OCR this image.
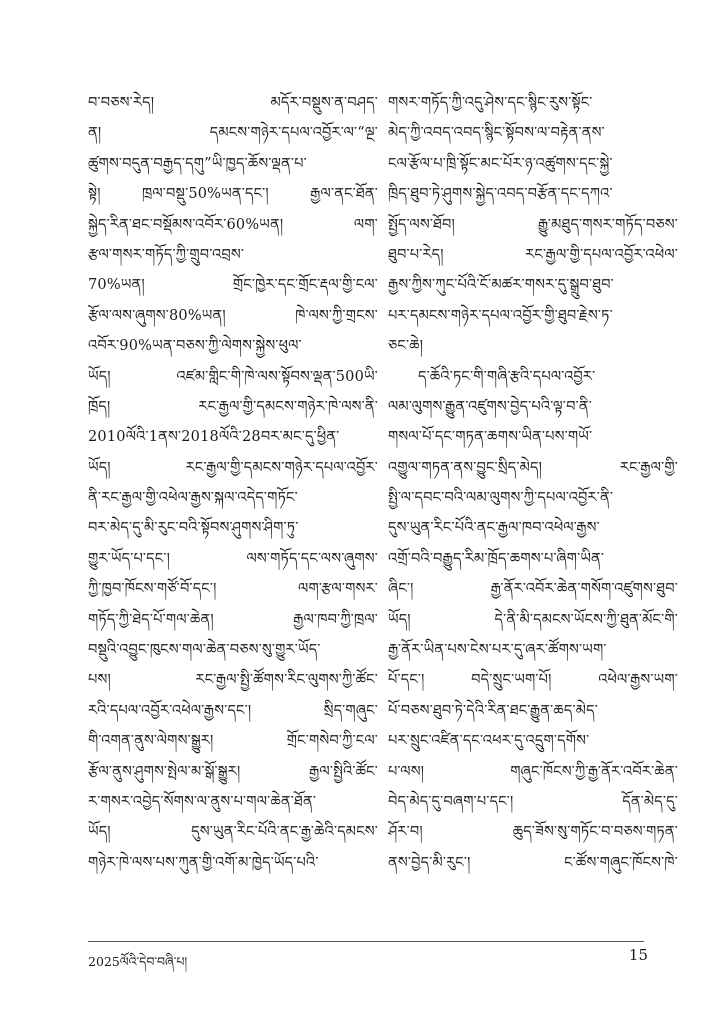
བ་བཅས་རེད། མདོར་བསྡུས་ན་བཤད་
ན། དམངས་གཉེར་དཔལ་འབྱོར་ལ་“ལྔ་
ཚུགས་བདུན་བརྒྱད་དགུ”ཡི་ཁྱད་ཆོས་ལྡན་པ་
སྟེ། ཁྲལ་བསྡུ་50%ཡན་དང་། རྒྱལ་ནང་ཐོན་
སྐྱེད་རིན་ཐང་བསྡོམས་འབོར་60%ཡན། ལག་
རྩལ་གསར་གཏོད་ཀྱི་གྲུབ་འབྲས་
70%ཡན། གྲོང་ཁྱེར་དང་གྲོང་རྡལ་གྱི་ངལ་
རྩོལ་ལས་ཞུགས་80%ཡན། ཁེ་ལས་ཀྱི་གྲངས་
འབོར་90%ཡན་བཅས་ཀྱི་ལེགས་སྐྱེས་ཕུལ་
ཡོད། འཛམ་གླིང་གི་ཁེ་ལས་སྟོབས་ལྡན་500ཡི་
ཁྲོད། རང་རྒྱལ་གྱི་དམངས་གཉེར་ཁེ་ལས་ནི་
2010ལོའི་1ནས་2018ལོའི་28བར་མང་དུ་ཕྱིན་
ཡོད། རང་རྒྱལ་གྱི་དམངས་གཉེར་དཔལ་འབྱོར་
ནི་རང་རྒྱལ་གྱི་འཕེལ་རྒྱས་སྐལ་འདེད་གཏོང་
བར་མེད་དུ་མི་རུང་བའི་སྟོབས་ཤུགས་ཤིག་ཏུ་
གྱུར་ཡོད་པ་དང་། ལས་གཏོད་དང་ལས་ཞུགས་
ཀྱི་ཁྱབ་ཁོངས་གཙོ་བོ་དང་། ལག་རྩལ་གསར་
གཏོད་ཀྱི་ཐེད་པོ་གལ་ཆེན། རྒྱལ་ཁབ་ཀྱི་ཁྲལ་
བསྡུའི་འབྱུང་ཁུངས་གལ་ཆེན་བཅས་སུ་གྱུར་ཡོད་
པས། རང་རྒྱལ་སྤྱི་ཚོགས་རིང་ལུགས་ཀྱི་ཚོང་
རའི་དཔལ་འབྱོར་འཕེལ་རྒྱས་དང་། སྲིད་གཞུང་
གི་འགན་ནུས་ལེགས་སྒྱུར། གྲོང་གསེབ་ཀྱི་ངལ་
རྩོལ་ནུས་ཤུགས་སྤེལ་མ་སྒོ་སྒྱུར། རྒྱལ་སྤྱིའི་ཚོང་
ར་གསར་འབྱེད་སོགས་ལ་ནུས་པ་གལ་ཆེན་ཐོན་
ཡོད། དུས་ཡུན་རིང་པོའི་ནང་རྒྱ་ཆེའི་དམངས་
གཉེར་ཁེ་ལས་པས་ཀུན་གྱི་འགོ་མ་ཁྱེད་ཡོད་པའི་
གསར་གཏོད་ཀྱི་འདུ་ཤེས་དང་སྙིང་རུས་སྟོང་
མེད་ཀྱི་འབད་འབད་སྙིང་སྟོབས་ལ་བརྟེན་ནས་
ངལ་རྩོལ་པ་ཁྲི་སྟོང་མང་པོར་ཉ་འཚུགས་དང་སྐྱེ་
ཁྲིད་ཐུབ་ཏེ་ཤུགས་སྐྱེད་འབད་བརྩོན་དང་དཀའ་
སྤྱོད་ལས་ཐོབ། རྒྱུ་མཐུད་གསར་གཏོད་བཅས་
ཐུབ་པ་རེད། རང་རྒྱལ་གྱི་དཔལ་འབྱོར་འཕེལ་
རྒྱས་ཀྱིས་ཀུང་པོའི་ངོ་མཚར་གསར་དུ་སྒྲུབ་ཐུབ་
པར་དམངས་གཉེར་དཔལ་འབྱོར་གྱི་ཐུབ་རྗེས་ཏ་
ཅང་ཆེ།
ད་ཆོའི་ཏང་གི་གཞི་རྩའི་དཔལ་འབྱོར་
ལམ་ལུགས་རྒྱུན་འཛུགས་བྱེད་པའི་ལྟ་བ་ནི་
གསལ་པོ་དང་གཏན་ཆགས་ཡིན་པས་གཡོ་
འགྱུལ་གཏན་ནས་བྱུང་སྲིད་མེད། རང་རྒྱལ་གྱི་
སྤྱི་ལ་དབང་བའི་ལམ་ལུགས་ཀྱི་དཔལ་འབྱོར་ནི་
དུས་ཡུན་རིང་པོའི་ནང་རྒྱལ་ཁབ་འཕེལ་རྒྱས་
འགྲོ་བའི་བརྒྱུད་རིམ་ཁྲོད་ཆགས་པ་ཞིག་ཡིན་
ཞིང་། རྒྱ་ནོར་འབོར་ཆེན་གསོག་འཛུགས་ཐུབ་
ཡོད། དེ་ནི་མི་དམངས་ཡོངས་ཀྱི་ཐུན་མོང་གི་
རྒྱ་ནོར་ཡིན་པས་ངེས་པར་དུ་ཞར་ཚོགས་ཡག་
པོ་དང་། བདེ་སྲུང་ཡག་པོ། འཕེལ་རྒྱས་ཡག་
པོ་བཅས་ཐུབ་ཏེ་དེའི་རིན་ཐང་རྒྱུན་ཆད་མེད་
པར་སྲུང་འཛིན་དང་འཕར་དུ་འདྲུག་དགོས་
པ་ལས། གཞུང་ཁོངས་ཀྱི་རྒྱ་ནོར་འབོར་ཆེན་
བེད་མེད་དུ་བཞག་པ་དང་། དོན་མེད་དུ་
ཤོར་བ། ཆུད་ཟོས་སུ་གཏོང་བ་བཅས་གཏན་
ནས་བྱེད་མི་རུང་། ང་ཚོས་གཞུང་ཁོངས་ཁེ་
2025ལོའི་དེབ་བཞི་པ།	15
